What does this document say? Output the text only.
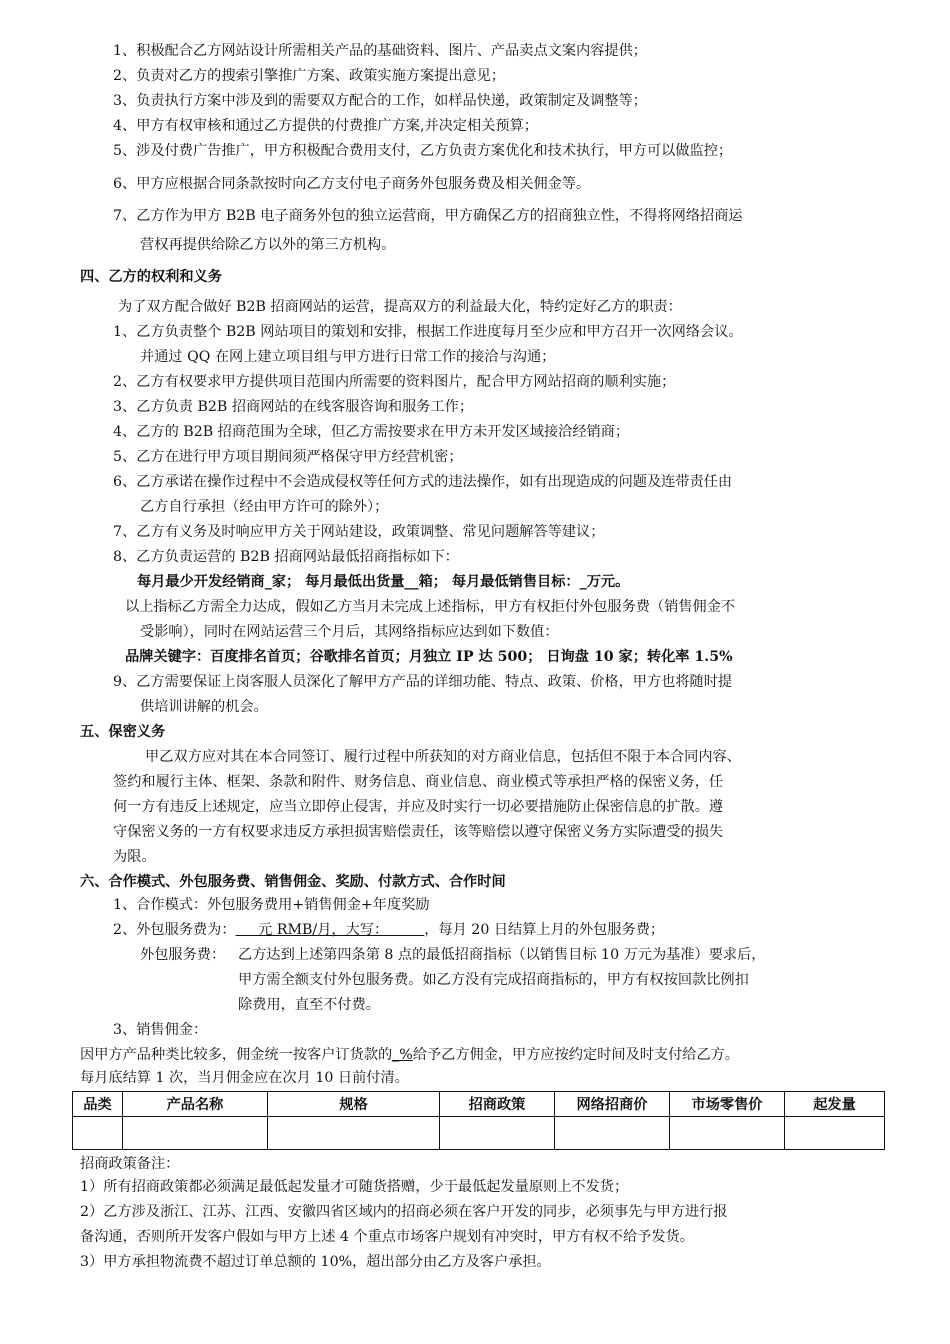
1、积极配合乙方网站设计所需相关产品的基础资料、图片、产品卖点文案内容提供；
2、负责对乙方的搜索引擎推广方案、政策实施方案提出意见；
3、负责执行方案中涉及到的需要双方配合的工作，如样品快递，政策制定及调整等；
4、甲方有权审核和通过乙方提供的付费推广方案,并决定相关预算；
5、涉及付费广告推广，甲方积极配合费用支付，乙方负责方案优化和技术执行，甲方可以做监控；
6、甲方应根据合同条款按时向乙方支付电子商务外包服务费及相关佣金等。
7、乙方作为甲方 B2B 电子商务外包的独立运营商，甲方确保乙方的招商独立性，不得将网络招商运
营权再提供给除乙方以外的第三方机构。
四、乙方的权利和义务
为了双方配合做好 B2B 招商网站的运营，提高双方的利益最大化，特约定好乙方的职责：
1、乙方负责整个 B2B 网站项目的策划和安排，根据工作进度每月至少应和甲方召开一次网络会议。
并通过 QQ 在网上建立项目组与甲方进行日常工作的接洽与沟通；
2、乙方有权要求甲方提供项目范围内所需要的资料图片，配合甲方网站招商的顺利实施；
3、乙方负责 B2B 招商网站的在线客服咨询和服务工作；
4、乙方的 B2B 招商范围为全球，但乙方需按要求在甲方未开发区域接洽经销商；
5、乙方在进行甲方项目期间须严格保守甲方经营机密；
6、乙方承诺在操作过程中不会造成侵权等任何方式的违法操作，如有出现造成的问题及连带责任由
乙方自行承担（经由甲方许可的除外）；
7、乙方有义务及时响应甲方关于网站建设，政策调整、常见问题解答等建议；
8、乙方负责运营的 B2B 招商网站最低招商指标如下：
每月最少开发经销商_家； 每月最低出货量__箱； 每月最低销售目标：_万元。
以上指标乙方需全力达成，假如乙方当月未完成上述指标，甲方有权拒付外包服务费（销售佣金不
受影响），同时在网站运营三个月后，其网络指标应达到如下数值：
品牌关键字：百度排名首页；谷歌排名首页；月独立 IP 达 500； 日询盘 10 家；转化率 1.5%
9、乙方需要保证上岗客服人员深化了解甲方产品的详细功能、特点、政策、价格，甲方也将随时提
供培训讲解的机会。
五、保密义务
甲乙双方应对其在本合同签订、履行过程中所获知的对方商业信息，包括但不限于本合同内容、
签约和履行主体、框架、条款和附件、财务信息、商业信息、商业模式等承担严格的保密义务，任
何一方有违反上述规定，应当立即停止侵害，并应及时实行一切必要措施防止保密信息的扩散。遵
守保密义务的一方有权要求违反方承担损害赔偿责任，该等赔偿以遵守保密义务方实际遭受的损失
为限。
六、合作模式、外包服务费、销售佣金、奖励、付款方式、合作时间
1、合作模式：外包服务费用+销售佣金+年度奖励
2、外包服务费为：     元 RMB/月，大写：        ，每月 20 日结算上月的外包服务费；
外包服务费： 乙方达到上述第四条第 8 点的最低招商指标（以销售目标 10 万元为基准）要求后，
甲方需全额支付外包服务费。如乙方没有完成招商指标的，甲方有权按回款比例扣
除费用，直至不付费。
3、销售佣金：
因甲方产品种类比较多，佣金统一按客户订货款的_%给予乙方佣金，甲方应按约定时间及时支付给乙方。
每月底结算 1 次，当月佣金应在次月 10 日前付清。
品类	产品名称	规格	招商政策	网络招商价	市场零售价	起发量

招商政策备注：
1）所有招商政策都必须满足最低起发量才可随货搭赠，少于最低起发量原则上不发货；
2）乙方涉及浙江、江苏、江西、安徽四省区域内的招商必须在客户开发的同步，必须事先与甲方进行报
备沟通，否则所开发客户假如与甲方上述 4 个重点市场客户规划有冲突时，甲方有权不给予发货。
3）甲方承担物流费不超过订单总额的 10%，超出部分由乙方及客户承担。
